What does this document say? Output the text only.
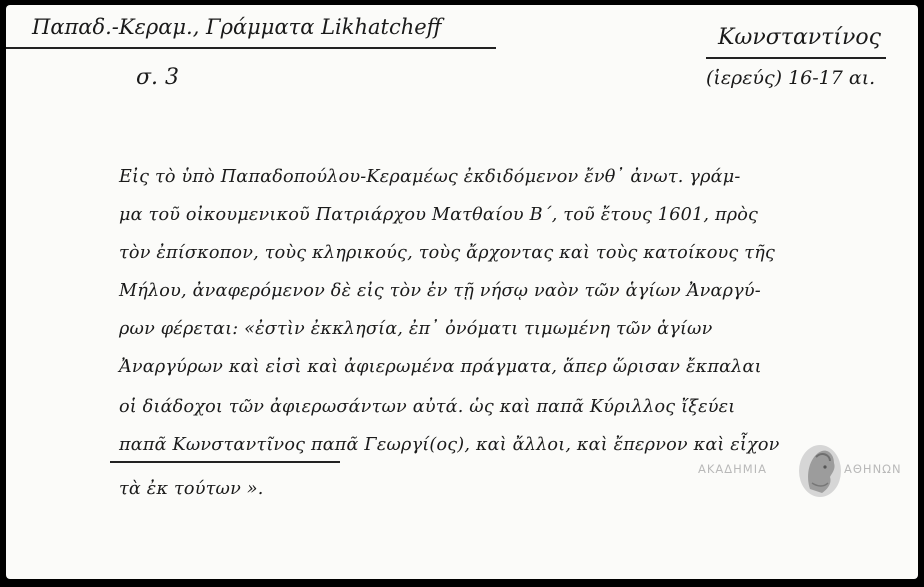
Παπαδ.-Κεραμ., Γράμματα Likhatcheff
σ. 3
Κωνσταντίνος
(ἱερεύς) 16-17 αι.
Εἰς τὸ ὑπὸ Παπαδοπούλου-Κεραμέως ἐκδιδόμενον ἔνθ᾽ ἀνωτ. γράμ-
μα τοῦ οἰκουμενικοῦ Πατριάρχου Ματθαίου Β΄, τοῦ ἔτους 1601, πρὸς
τὸν ἐπίσκοπον, τοὺς κληρικούς, τοὺς ἄρχοντας καὶ τοὺς κατοίκους τῆς
Μήλου, ἀναφερόμενον δὲ εἰς τὸν ἐν τῇ νήσῳ ναὸν τῶν ἁγίων Ἀναργύ-
ρων φέρεται: «ἐστὶν ἐκκλησία, ἐπ᾽ ὀνόματι τιμωμένη τῶν ἁγίων
Ἀναργύρων καὶ εἰσὶ καὶ ἀφιερωμένα πράγματα, ἅπερ ὥρισαν ἔκπαλαι
οἱ διάδοχοι τῶν ἀφιερωσάντων αὐτά. ὡς καὶ παπᾶ Κύριλλος ἴξεύει
παπᾶ Κωνσταντῖνος παπᾶ Γεωργί(ος), καὶ ἄλλοι, καὶ ἔπερνον καὶ εἶχον
τὰ ἐκ τούτων ».
ΑΚΑΔΗΜΙΑ	ΑΘΗΝΩΝ
